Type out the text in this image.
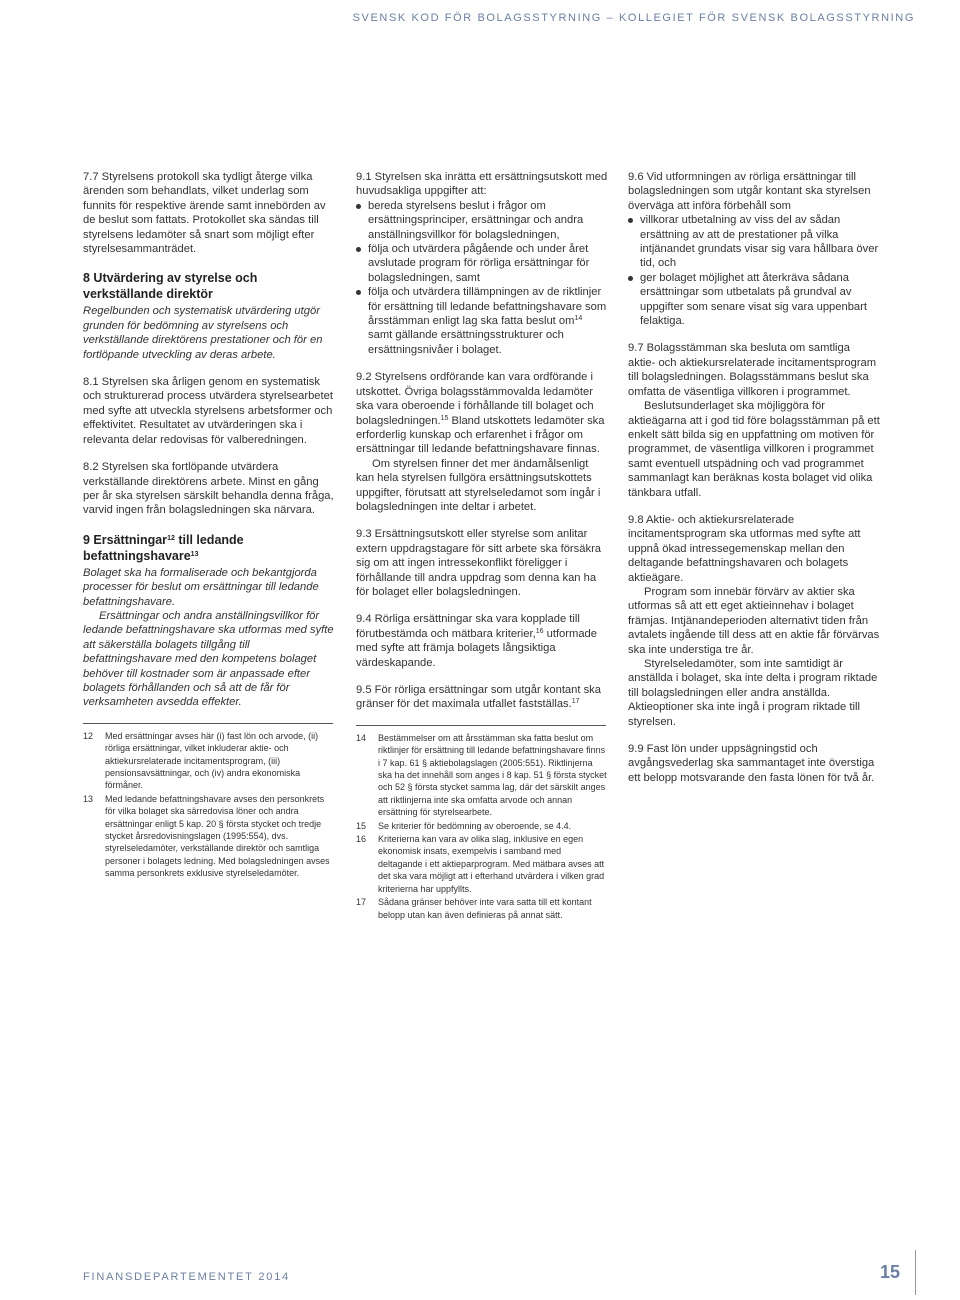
SVENSK KOD FÖR BOLAGSSTYRNING – KOLLEGIET FÖR SVENSK BOLAGSSTYRNING

7.7 Styrelsens protokoll ska tydligt återge vilka ärenden som behandlats, vilket underlag som funnits för respektive ärende samt innebörden av de beslut som fattats. Protokollet ska sändas till styrelsens ledamöter så snart som möjligt efter styrelsesammanträdet.

8 Utvärdering av styrelse och verkställande direktör

Regelbunden och systematisk utvärdering utgör grunden för bedömning av styrelsens och verkställande direktörens prestationer och för en fortlöpande utveckling av deras arbete.

8.1 Styrelsen ska årligen genom en systematisk och strukturerad process utvärdera styrelsearbetet med syfte att utveckla styrelsens arbetsformer och effektivitet. Resultatet av utvärderingen ska i relevanta delar redovisas för valberedningen.

8.2 Styrelsen ska fortlöpande utvärdera verkställande direktörens arbete. Minst en gång per år ska styrelsen särskilt behandla denna fråga, varvid ingen från bolagsledningen ska närvara.

9 Ersättningar$^{12}$ till ledande befattningshavare$^{13}$

Bolaget ska ha formaliserade och bekantgjorda processer för beslut om ersättningar till ledande befattningshavare.

Ersättningar och andra anställningsvillkor för ledande befattningshavare ska utformas med syfte att säkerställa bolagets tillgång till befattningshavare med den kompetens bolaget behöver till kostnader som är anpassade efter bolagets förhållanden och så att de får för verksamheten avsedda effekter.

12	Med ersättningar avses här (i) fast lön och arvode, (ii) rörliga ersättningar, vilket inkluderar aktie- och aktiekursrelaterade incitamentsprogram, (iii) pensionsavsättningar, och (iv) andra ekonomiska förmåner.
13	Med ledande befattningshavare avses den personkrets för vilka bolaget ska särredovisa löner och andra ersättningar enligt 5 kap. 20 § första stycket och tredje stycket årsredovisningslagen (1995:554), dvs. styrelseledamöter, verkställande direktör och samtliga personer i bolagets ledning. Med bolagsledningen avses samma personkrets exklusive styrelseledamöter.

9.1 Styrelsen ska inrätta ett ersättningsutskott med huvudsakliga uppgifter att:

bereda styrelsens beslut i frågor om ersättningsprinciper, ersättningar och andra anställningsvillkor för bolagsledningen,
följa och utvärdera pågående och under året avslutade program för rörliga ersättningar för bolagsledningen, samt
följa och utvärdera tillämpningen av de riktlinjer för ersättning till ledande befattningshavare som årsstämman enligt lag ska fatta beslut $om^{14}$ samt gällande ersättningsstrukturer och ersättningsnivåer i bolaget.

9.2 Styrelsens ordförande kan vara ordförande i utskottet. Övriga bolagsstämmovalda ledamöter ska vara oberoende i förhållande till bolaget och bolagsledningen.$^{15}$ Bland utskottets ledamöter ska erforderlig kunskap och erfarenhet i frågor om ersättningar till ledande befattningshavare finnas.

Om styrelsen finner det mer ändamålsenligt kan hela styrelsen fullgöra ersättningsutskottets uppgifter, förutsatt att styrelseledamot som ingår i bolagsledningen inte deltar i arbetet.

9.3 Ersättningsutskott eller styrelse som anlitar extern uppdragstagare för sitt arbete ska försäkra sig om att ingen intressekonflikt föreligger i förhållande till andra uppdrag som denna kan ha för bolaget eller bolagsledningen.

9.4 Rörliga ersättningar ska vara kopplade till förutbestämda och mätbara kriterier,$^{16}$ utformade med syfte att främja bolagets långsiktiga värdeskapande.

9.5 För rörliga ersättningar som utgår kontant ska gränser för det maximala utfallet fastställas.$^{17}$

14	Bestämmelser om att årsstämman ska fatta beslut om riktlinjer för ersättning till ledande befattningshavare finns i 7 kap. 61 § aktiebolagslagen (2005:551). Riktlinjerna ska ha det innehåll som anges i 8 kap. 51 § första stycket och 52 § första stycket samma lag, där det särskilt anges att riktlinjerna inte ska omfatta arvode och annan ersättning för styrelsearbete.
15	Se kriterier för bedömning av oberoende, se 4.4.
16	Kriterierna kan vara av olika slag, inklusive en egen ekonomisk insats, exempelvis i samband med deltagande i ett aktieparprogram. Med mätbara avses att det ska vara möjligt att i efterhand utvärdera i vilken grad kriterierna har uppfyllts.
17	Sådana gränser behöver inte vara satta till ett kontant belopp utan kan även definieras på annat sätt.

9.6 Vid utformningen av rörliga ersättningar till bolagsledningen som utgår kontant ska styrelsen överväga att införa förbehåll som

villkorar utbetalning av viss del av sådan ersättning av att de prestationer på vilka intjänandet grundats visar sig vara hållbara över tid, och
ger bolaget möjlighet att återkräva sådana ersättningar som utbetalats på grundval av uppgifter som senare visat sig vara uppenbart felaktiga.

9.7 Bolagsstämman ska besluta om samtliga aktie- och aktiekursrelaterade incitamentsprogram till bolagsledningen. Bolagsstämmans beslut ska omfatta de väsentliga villkoren i programmet.

Beslutsunderlaget ska möjliggöra för aktieägarna att i god tid före bolagsstämman på ett enkelt sätt bilda sig en uppfattning om motiven för programmet, de väsentliga villkoren i programmet samt eventuell utspädning och vad programmet sammanlagt kan beräknas kosta bolaget vid olika tänkbara utfall.

9.8 Aktie- och aktiekursrelaterade incitamentsprogram ska utformas med syfte att uppnå ökad intressegemenskap mellan den deltagande befattningshavaren och bolagets aktieägare.

Program som innebär förvärv av aktier ska utformas så att ett eget aktieinnehav i bolaget främjas. Intjänandeperioden alternativt tiden från avtalets ingående till dess att en aktie får förvärvas ska inte understiga tre år.

Styrelseledamöter, som inte samtidigt är anställda i bolaget, ska inte delta i program riktade till bolagsledningen eller andra anställda. Aktieoptioner ska inte ingå i program riktade till styrelsen.

9.9 Fast lön under uppsägningstid och avgångsvederlag ska sammantaget inte överstiga ett belopp motsvarande den fasta lönen för två år.

FINANSDEPARTEMENTET 2014	15
